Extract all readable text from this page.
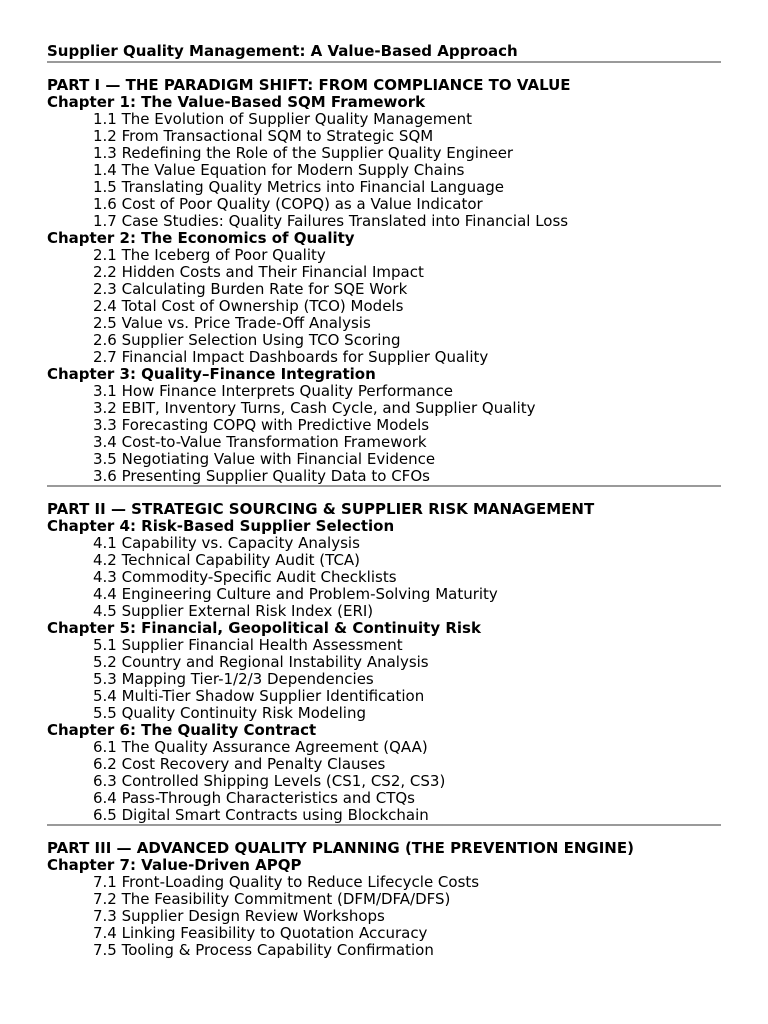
Supplier Quality Management: A Value-Based Approach
PART I — THE PARADIGM SHIFT: FROM COMPLIANCE TO VALUE
Chapter 1: The Value-Based SQM Framework
1.1 The Evolution of Supplier Quality Management
1.2 From Transactional SQM to Strategic SQM
1.3 Redefining the Role of the Supplier Quality Engineer
1.4 The Value Equation for Modern Supply Chains
1.5 Translating Quality Metrics into Financial Language
1.6 Cost of Poor Quality (COPQ) as a Value Indicator
1.7 Case Studies: Quality Failures Translated into Financial Loss
Chapter 2: The Economics of Quality
2.1 The Iceberg of Poor Quality
2.2 Hidden Costs and Their Financial Impact
2.3 Calculating Burden Rate for SQE Work
2.4 Total Cost of Ownership (TCO) Models
2.5 Value vs. Price Trade-Off Analysis
2.6 Supplier Selection Using TCO Scoring
2.7 Financial Impact Dashboards for Supplier Quality
Chapter 3: Quality–Finance Integration
3.1 How Finance Interprets Quality Performance
3.2 EBIT, Inventory Turns, Cash Cycle, and Supplier Quality
3.3 Forecasting COPQ with Predictive Models
3.4 Cost-to-Value Transformation Framework
3.5 Negotiating Value with Financial Evidence
3.6 Presenting Supplier Quality Data to CFOs
PART II — STRATEGIC SOURCING & SUPPLIER RISK MANAGEMENT
Chapter 4: Risk-Based Supplier Selection
4.1 Capability vs. Capacity Analysis
4.2 Technical Capability Audit (TCA)
4.3 Commodity-Specific Audit Checklists
4.4 Engineering Culture and Problem-Solving Maturity
4.5 Supplier External Risk Index (ERI)
Chapter 5: Financial, Geopolitical & Continuity Risk
5.1 Supplier Financial Health Assessment
5.2 Country and Regional Instability Analysis
5.3 Mapping Tier-1/2/3 Dependencies
5.4 Multi-Tier Shadow Supplier Identification
5.5 Quality Continuity Risk Modeling
Chapter 6: The Quality Contract
6.1 The Quality Assurance Agreement (QAA)
6.2 Cost Recovery and Penalty Clauses
6.3 Controlled Shipping Levels (CS1, CS2, CS3)
6.4 Pass-Through Characteristics and CTQs
6.5 Digital Smart Contracts using Blockchain
PART III — ADVANCED QUALITY PLANNING (THE PREVENTION ENGINE)
Chapter 7: Value-Driven APQP
7.1 Front-Loading Quality to Reduce Lifecycle Costs
7.2 The Feasibility Commitment (DFM/DFA/DFS)
7.3 Supplier Design Review Workshops
7.4 Linking Feasibility to Quotation Accuracy
7.5 Tooling & Process Capability Confirmation
